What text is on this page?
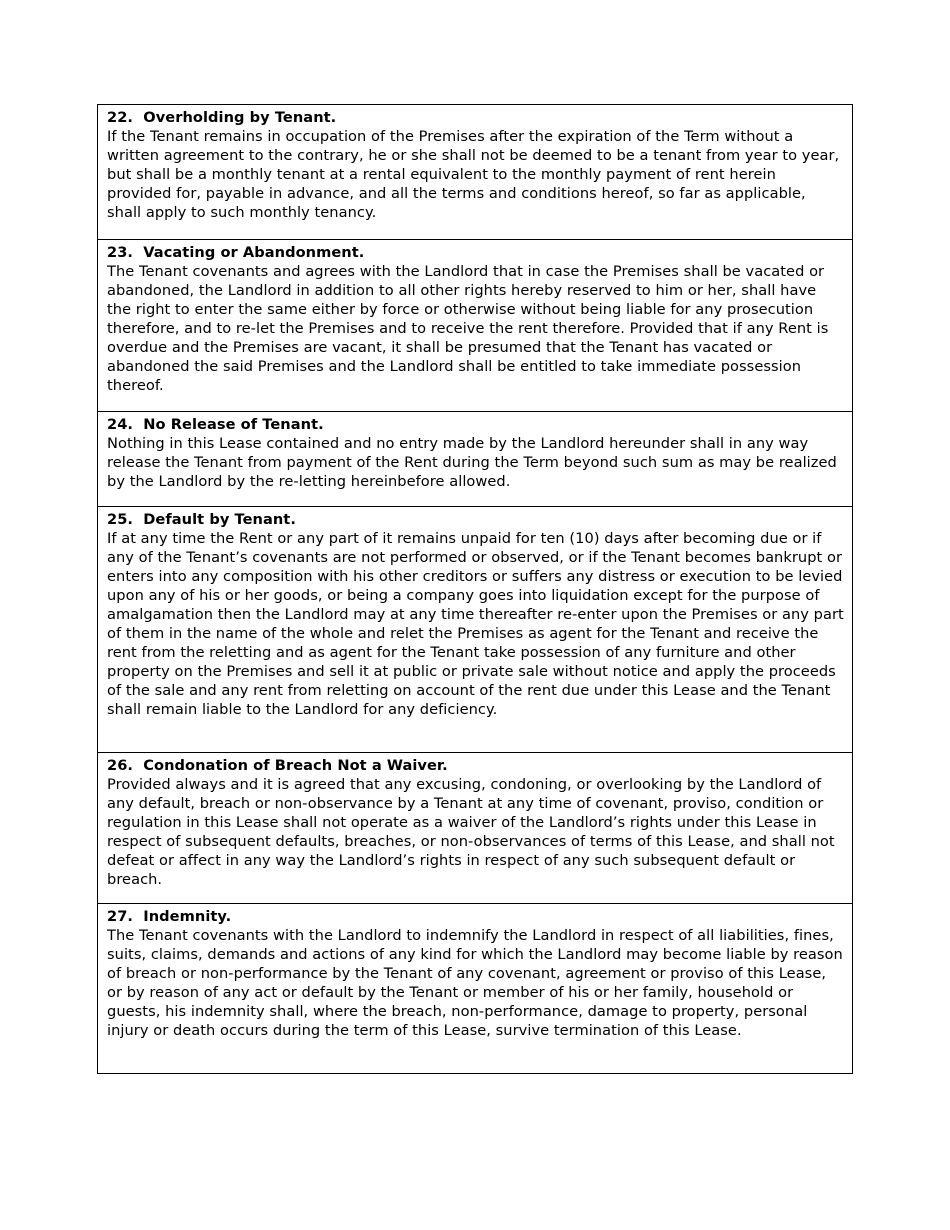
22.  Overholding by Tenant.

If the Tenant remains in occupation of the Premises after the expiration of the Term without a written agreement to the contrary, he or she shall not be deemed to be a tenant from year to year, but shall be a monthly tenant at a rental equivalent to the monthly payment of rent herein provided for, payable in advance, and all the terms and conditions hereof, so far as applicable, shall apply to such monthly tenancy.

23.  Vacating or Abandonment.

The Tenant covenants and agrees with the Landlord that in case the Premises shall be vacated or abandoned, the Landlord in addition to all other rights hereby reserved to him or her, shall have the right to enter the same either by force or otherwise without being liable for any prosecution therefore, and to re-let the Premises and to receive the rent therefore. Provided that if any Rent is overdue and the Premises are vacant, it shall be presumed that the Tenant has vacated or abandoned the said Premises and the Landlord shall be entitled to take immediate possession thereof.

24.  No Release of Tenant.

Nothing in this Lease contained and no entry made by the Landlord hereunder shall in any way release the Tenant from payment of the Rent during the Term beyond such sum as may be realized by the Landlord by the re-letting hereinbefore allowed.

25.  Default by Tenant.

If at any time the Rent or any part of it remains unpaid for ten (10) days after becoming due or if any of the Tenant’s covenants are not performed or observed, or if the Tenant becomes bankrupt or enters into any composition with his other creditors or suffers any distress or execution to be levied upon any of his or her goods, or being a company goes into liquidation except for the purpose of amalgamation then the Landlord may at any time thereafter re-enter upon the Premises or any part of them in the name of the whole and relet the Premises as agent for the Tenant and receive the rent from the reletting and as agent for the Tenant take possession of any furniture and other property on the Premises and sell it at public or private sale without notice and apply the proceeds of the sale and any rent from reletting on account of the rent due under this Lease and the Tenant shall remain liable to the Landlord for any deficiency.

26.  Condonation of Breach Not a Waiver.

Provided always and it is agreed that any excusing, condoning, or overlooking by the Landlord of any default, breach or non-observance by a Tenant at any time of covenant, proviso, condition or regulation in this Lease shall not operate as a waiver of the Landlord’s rights under this Lease in respect of subsequent defaults, breaches, or non-observances of terms of this Lease, and shall not defeat or affect in any way the Landlord’s rights in respect of any such subsequent default or breach.

27.  Indemnity.

The Tenant covenants with the Landlord to indemnify the Landlord in respect of all liabilities, fines, suits, claims, demands and actions of any kind for which the Landlord may become liable by reason of breach or non-performance by the Tenant of any covenant, agreement or proviso of this Lease, or by reason of any act or default by the Tenant or member of his or her family, household or guests, his indemnity shall, where the breach, non-performance, damage to property, personal injury or death occurs during the term of this Lease, survive termination of this Lease.
